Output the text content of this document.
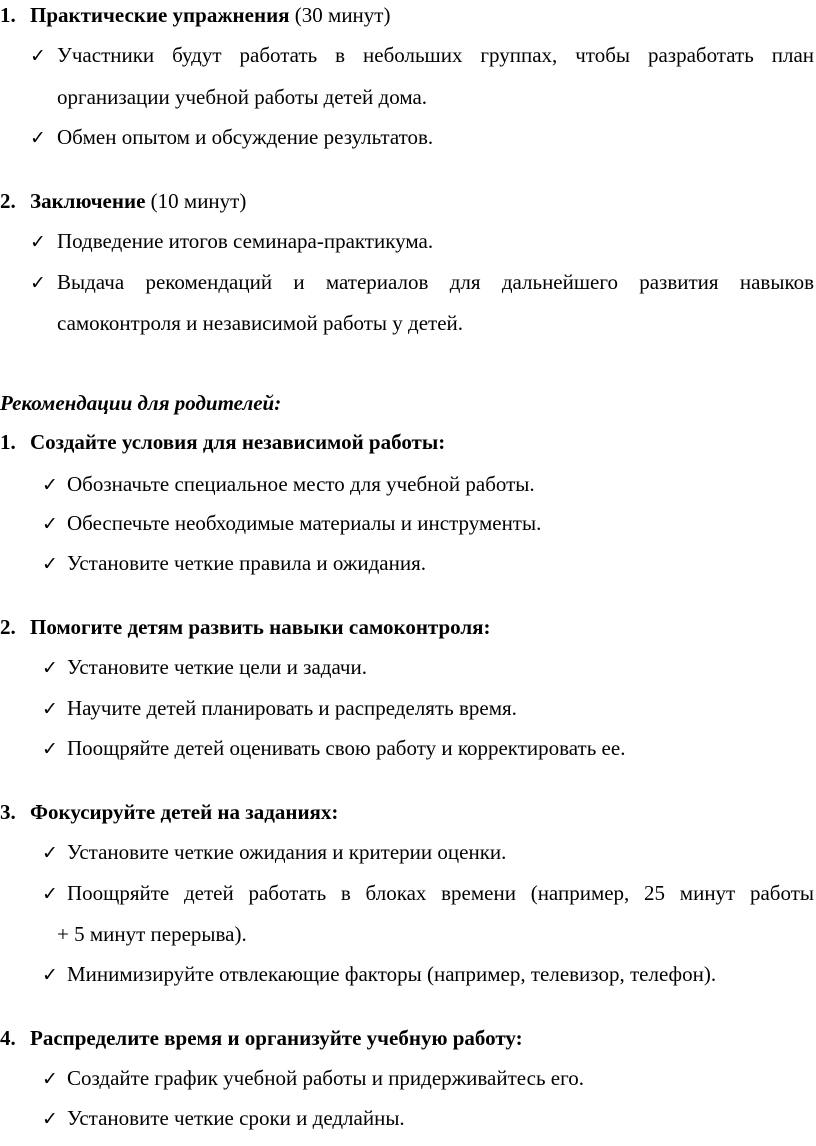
1. Практические упражнения (30 минут)
✓ Участники будут работать в небольших группах, чтобы разработать план
организации учебной работы детей дома.
✓ Обмен опытом и обсуждение результатов.
2. Заключение (10 минут)
✓ Подведение итогов семинара-практикума.
✓ Выдача рекомендаций и материалов для дальнейшего развития навыков
самоконтроля и независимой работы у детей.
Рекомендации для родителей:
1. Создайте условия для независимой работы:
✓ Обозначьте специальное место для учебной работы.
✓ Обеспечьте необходимые материалы и инструменты.
✓ Установите четкие правила и ожидания.
2. Помогите детям развить навыки самоконтроля:
✓ Установите четкие цели и задачи.
✓ Научите детей планировать и распределять время.
✓ Поощряйте детей оценивать свою работу и корректировать ее.
3. Фокусируйте детей на заданиях:
✓ Установите четкие ожидания и критерии оценки.
✓ Поощряйте детей работать в блоках времени (например, 25 минут работы
+ 5 минут перерыва).
✓ Минимизируйте отвлекающие факторы (например, телевизор, телефон).
4. Распределите время и организуйте учебную работу:
✓ Создайте график учебной работы и придерживайтесь его.
✓ Установите четкие сроки и дедлайны.
